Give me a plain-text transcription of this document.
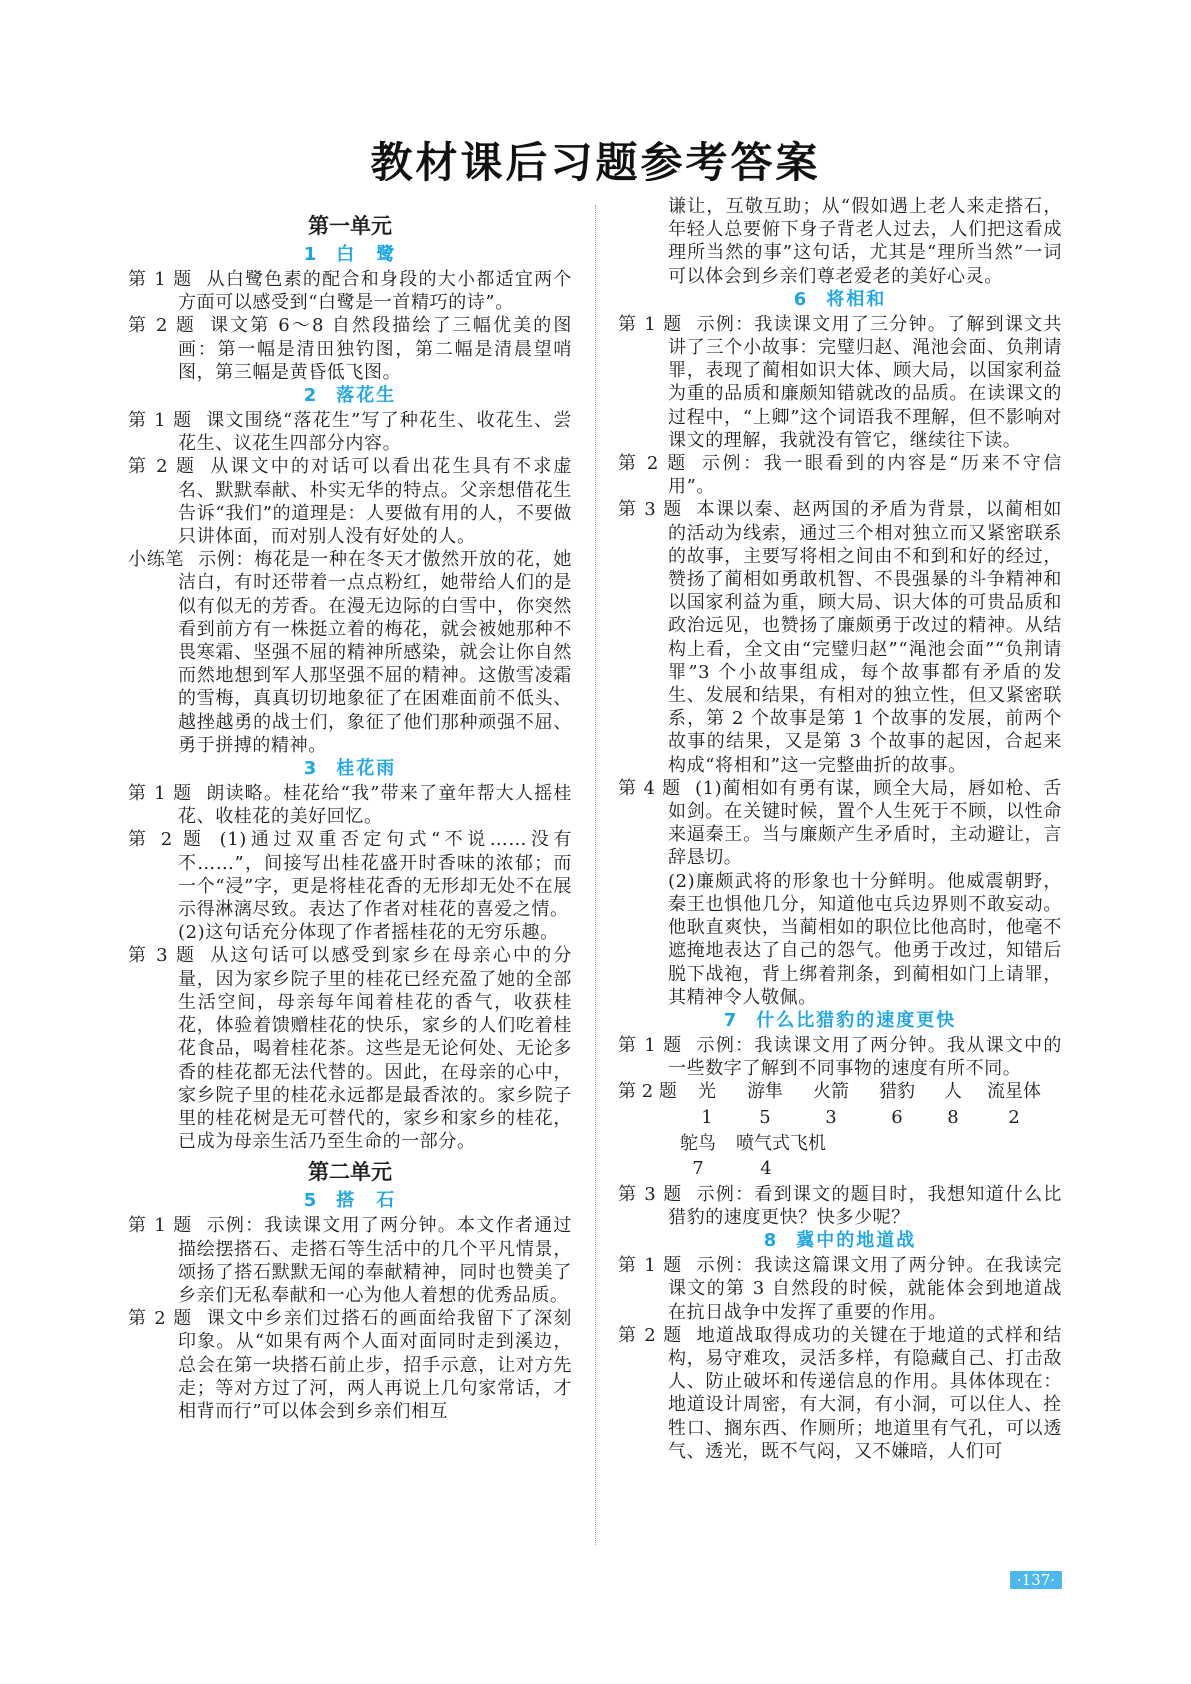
教材课后习题参考答案
第一单元
1 白　鹭

第 1 题 从白鹭色素的配合和身段的大小都适宜两个方面可以感受到“白鹭是一首精巧的诗”。

第 2 题 课文第 6～8 自然段描绘了三幅优美的图画：第一幅是清田独钓图，第二幅是清晨望哨图，第三幅是黄昏低飞图。

2 落花生

第 1 题 课文围绕“落花生”写了种花生、收花生、尝花生、议花生四部分内容。

第 2 题 从课文中的对话可以看出花生具有不求虚名、默默奉献、朴实无华的特点。父亲想借花生告诉“我们”的道理是：人要做有用的人，不要做只讲体面，而对别人没有好处的人。

小练笔 示例：梅花是一种在冬天才傲然开放的花，她洁白，有时还带着一点点粉红，她带给人们的是似有似无的芳香。在漫无边际的白雪中，你突然看到前方有一株挺立着的梅花，就会被她那种不畏寒霜、坚强不屈的精神所感染，就会让你自然而然地想到军人那坚强不屈的精神。这傲雪凌霜的雪梅，真真切切地象征了在困难面前不低头、越挫越勇的战士们，象征了他们那种顽强不屈、勇于拼搏的精神。

3 桂花雨

第 1 题 朗读略。桂花给“我”带来了童年帮大人摇桂花、收桂花的美好回忆。

第 2 题 (1)通过双重否定句式“不说……没有不……”，间接写出桂花盛开时香味的浓郁；而一个“浸”字，更是将桂花香的无形却无处不在展示得淋漓尽致。表达了作者对桂花的喜爱之情。

(2)这句话充分体现了作者摇桂花的无穷乐趣。

第 3 题 从这句话可以感受到家乡在母亲心中的分量，因为家乡院子里的桂花已经充盈了她的全部生活空间，母亲每年闻着桂花的香气，收获桂花，体验着馈赠桂花的快乐，家乡的人们吃着桂花食品，喝着桂花茶。这些是无论何处、无论多香的桂花都无法代替的。因此，在母亲的心中，家乡院子里的桂花永远都是最香浓的。家乡院子里的桂花树是无可替代的，家乡和家乡的桂花，已成为母亲生活乃至生命的一部分。

第二单元
5 搭　石

第 1 题 示例：我读课文用了两分钟。本文作者通过描绘摆搭石、走搭石等生活中的几个平凡情景，颂扬了搭石默默无闻的奉献精神，同时也赞美了乡亲们无私奉献和一心为他人着想的优秀品质。

第 2 题 课文中乡亲们过搭石的画面给我留下了深刻印象。从“如果有两个人面对面同时走到溪边，总会在第一块搭石前止步，招手示意，让对方先走；等对方过了河，两人再说上几句家常话，才相背而行”可以体会到乡亲们相互

谦让，互敬互助；从“假如遇上老人来走搭石，年轻人总要俯下身子背老人过去，人们把这看成理所当然的事”这句话，尤其是“理所当然”一词可以体会到乡亲们尊老爱老的美好心灵。

6 将相和

第 1 题 示例：我读课文用了三分钟。了解到课文共讲了三个小故事：完璧归赵、渑池会面、负荆请罪，表现了蔺相如识大体、顾大局，以国家利益为重的品质和廉颇知错就改的品质。在读课文的过程中，“上卿”这个词语我不理解，但不影响对课文的理解，我就没有管它，继续往下读。

第 2 题 示例：我一眼看到的内容是“历来不守信用”。

第 3 题 本课以秦、赵两国的矛盾为背景，以蔺相如的活动为线索，通过三个相对独立而又紧密联系的故事，主要写将相之间由不和到和好的经过，赞扬了蔺相如勇敢机智、不畏强暴的斗争精神和以国家利益为重，顾大局、识大体的可贵品质和政治远见，也赞扬了廉颇勇于改过的精神。从结构上看，全文由“完璧归赵”“渑池会面”“负荆请罪”3 个小故事组成，每个故事都有矛盾的发生、发展和结果，有相对的独立性，但又紧密联系，第 2 个故事是第 1 个故事的发展，前两个故事的结果，又是第 3 个故事的起因，合起来构成“将相和”这一完整曲折的故事。

第 4 题 (1)蔺相如有勇有谋，顾全大局，唇如枪、舌如剑。在关键时候，置个人生死于不顾，以性命来逼秦王。当与廉颇产生矛盾时，主动避让，言辞恳切。

(2)廉颇武将的形象也十分鲜明。他威震朝野，秦王也惧他几分，知道他屯兵边界则不敢妄动。他耿直爽快，当蔺相如的职位比他高时，他毫不遮掩地表达了自己的怨气。他勇于改过，知错后脱下战袍，背上绑着荆条，到蔺相如门上请罪，其精神令人敬佩。

7 什么比猎豹的速度更快

第 1 题 示例：我读课文用了两分钟。我从课文中的一些数字了解到不同事物的速度有所不同。

第 2 题	光	游隼	火箭	猎豹	人	流星体
1	5	3	6	8	2
鸵鸟	喷气式飞机
7	4

第 3 题 示例：看到课文的题目时，我想知道什么比猎豹的速度更快？快多少呢？

8 冀中的地道战

第 1 题 示例：我读这篇课文用了两分钟。在我读完课文的第 3 自然段的时候，就能体会到地道战在抗日战争中发挥了重要的作用。

第 2 题 地道战取得成功的关键在于地道的式样和结构，易守难攻，灵活多样，有隐藏自己、打击敌人、防止破坏和传递信息的作用。具体体现在：地道设计周密，有大洞，有小洞，可以住人、拴牲口、搁东西、作厕所；地道里有气孔，可以透气、透光，既不气闷，又不嫌暗，人们可

·137·
